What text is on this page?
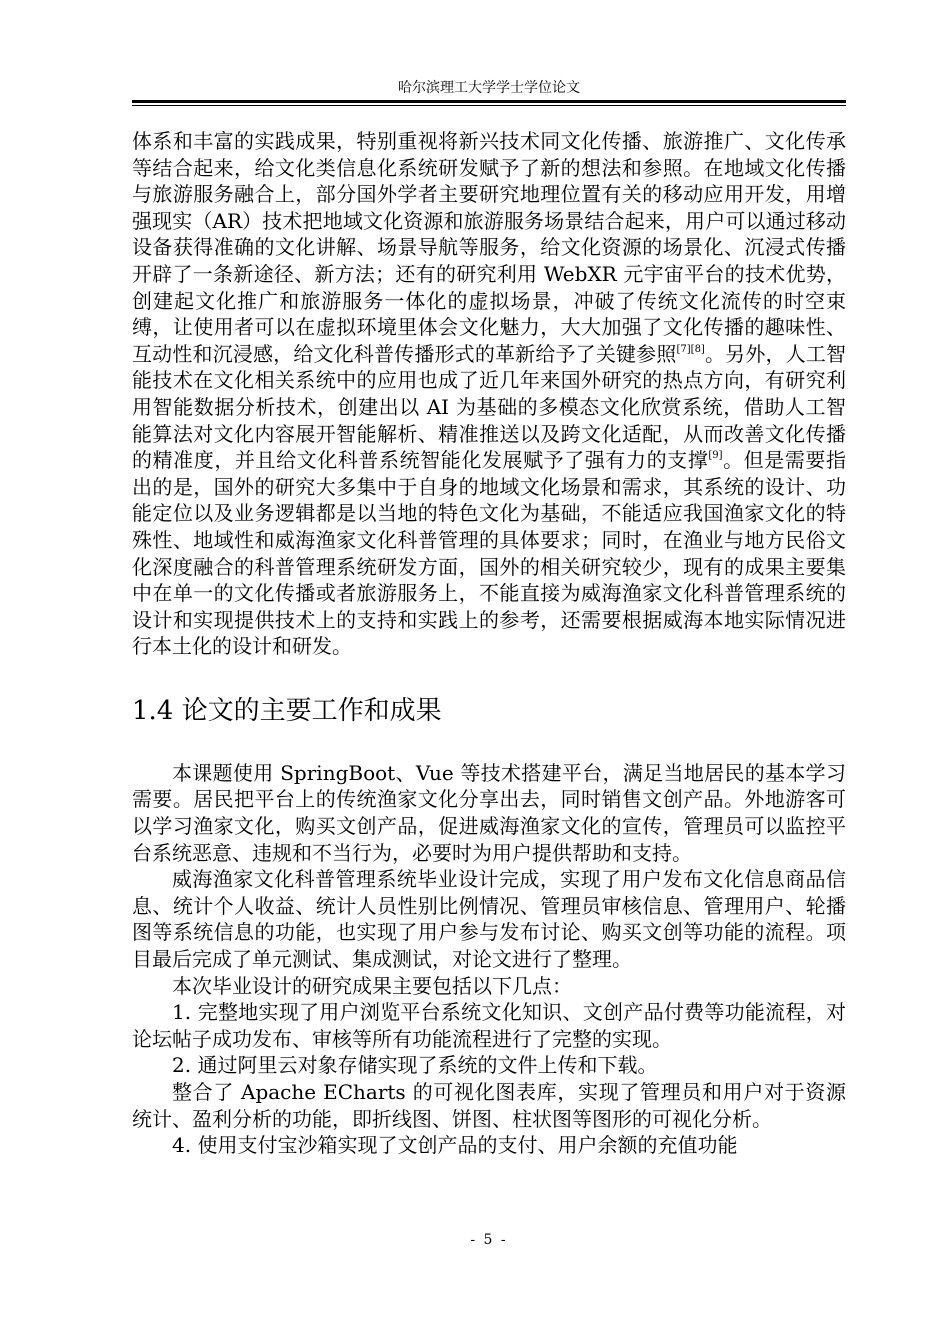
哈尔滨理工大学学士学位论文

体系和丰富的实践成果，特别重视将新兴技术同文化传播、旅游推广、文化传承等结合起来，给文化类信息化系统研发赋予了新的想法和参照。在地域文化传播与旅游服务融合上，部分国外学者主要研究地理位置有关的移动应用开发，用增强现实（AR）技术把地域文化资源和旅游服务场景结合起来，用户可以通过移动设备获得准确的文化讲解、场景导航等服务，给文化资源的场景化、沉浸式传播开辟了一条新途径、新方法；还有的研究利用 WebXR 元宇宙平台的技术优势，创建起文化推广和旅游服务一体化的虚拟场景，冲破了传统文化流传的时空束缚，让使用者可以在虚拟环境里体会文化魅力，大大加强了文化传播的趣味性、互动性和沉浸感，给文化科普传播形式的革新给予了关键参照[7][8]。另外，人工智能技术在文化相关系统中的应用也成了近几年来国外研究的热点方向，有研究利用智能数据分析技术，创建出以 AI 为基础的多模态文化欣赏系统，借助人工智能算法对文化内容展开智能解析、精准推送以及跨文化适配，从而改善文化传播的精准度，并且给文化科普系统智能化发展赋予了强有力的支撑[9]。但是需要指出的是，国外的研究大多集中于自身的地域文化场景和需求，其系统的设计、功能定位以及业务逻辑都是以当地的特色文化为基础，不能适应我国渔家文化的特殊性、地域性和威海渔家文化科普管理的具体要求；同时，在渔业与地方民俗文化深度融合的科普管理系统研发方面，国外的相关研究较少，现有的成果主要集中在单一的文化传播或者旅游服务上，不能直接为威海渔家文化科普管理系统的设计和实现提供技术上的支持和实践上的参考，还需要根据威海本地实际情况进行本土化的设计和研发。

1.4 论文的主要工作和成果

本课题使用 SpringBoot、Vue 等技术搭建平台，满足当地居民的基本学习需要。居民把平台上的传统渔家文化分享出去，同时销售文创产品。外地游客可以学习渔家文化，购买文创产品，促进威海渔家文化的宣传，管理员可以监控平台系统恶意、违规和不当行为，必要时为用户提供帮助和支持。

威海渔家文化科普管理系统毕业设计完成，实现了用户发布文化信息商品信息、统计个人收益、统计人员性别比例情况、管理员审核信息、管理用户、轮播图等系统信息的功能，也实现了用户参与发布讨论、购买文创等功能的流程。项目最后完成了单元测试、集成测试，对论文进行了整理。

本次毕业设计的研究成果主要包括以下几点：

1. 完整地实现了用户浏览平台系统文化知识、文创产品付费等功能流程，对论坛帖子成功发布、审核等所有功能流程进行了完整的实现。

2. 通过阿里云对象存储实现了系统的文件上传和下载。

整合了 Apache ECharts 的可视化图表库，实现了管理员和用户对于资源统计、盈利分析的功能，即折线图、饼图、柱状图等图形的可视化分析。

4. 使用支付宝沙箱实现了文创产品的支付、用户余额的充值功能

- 5 -
